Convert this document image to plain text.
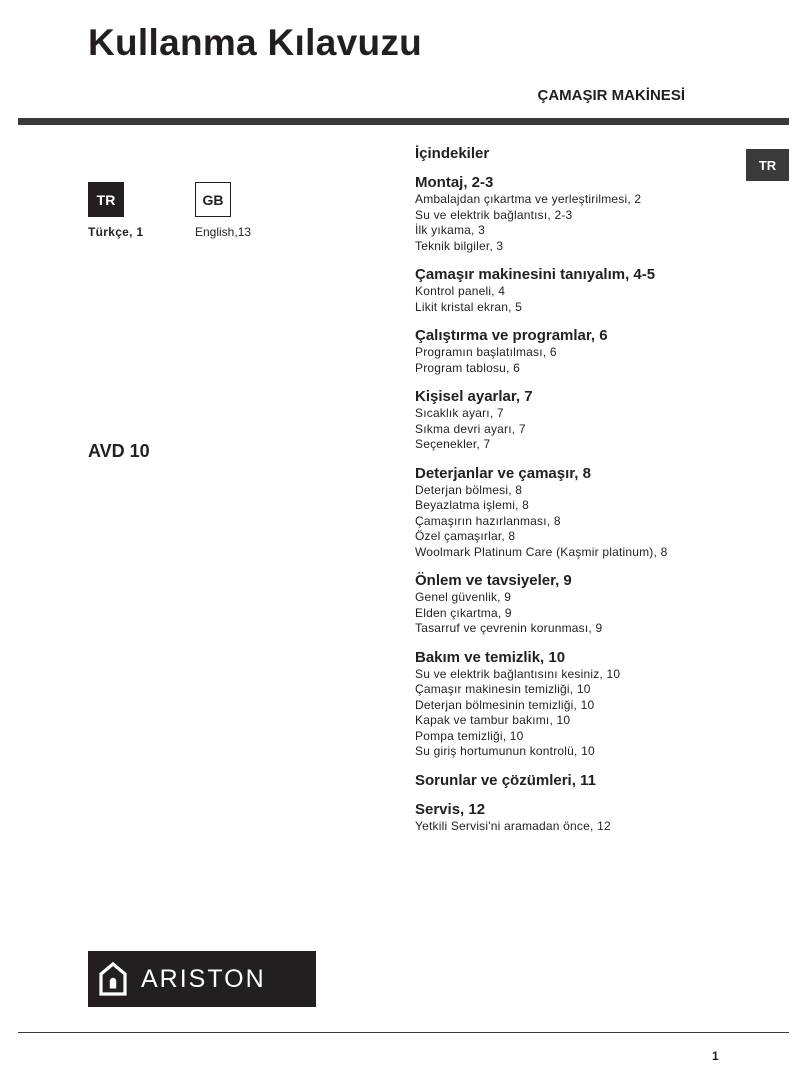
Kullanma Kılavuzu
ÇAMAŞIR MAKİNESİ
TR
TR	GB
Türkçe, 1	English,13
AVD 10
İçindekiler
Montaj, 2-3
Ambalajdan çıkartma ve yerleştirilmesi, 2
Su ve elektrik bağlantısı, 2-3
İlk yıkama, 3
Teknik bilgiler, 3
Çamaşır makinesini tanıyalım, 4-5
Kontrol paneli, 4
Likit kristal ekran, 5
Çalıştırma ve programlar, 6
Programın başlatılması, 6
Program tablosu, 6
Kişisel ayarlar, 7
Sıcaklık ayarı, 7
Sıkma devri ayarı, 7
Seçenekler, 7
Deterjanlar ve çamaşır, 8
Deterjan bölmesi, 8
Beyazlatma işlemi, 8
Çamaşırın hazırlanması, 8
Özel çamaşırlar, 8
Woolmark Platinum Care (Kaşmir platinum), 8
Önlem ve tavsiyeler, 9
Genel güvenlik, 9
Elden çıkartma, 9
Tasarruf ve çevrenin korunması, 9
Bakım ve temizlik, 10
Su ve elektrik bağlantısını kesiniz, 10
Çamaşır makinesin temizliği, 10
Deterjan bölmesinin temizliği, 10
Kapak ve tambur bakımı, 10
Pompa temizliği, 10
Su giriş hortumunun kontrolü, 10
Sorunlar ve çözümleri, 11
Servis, 12
Yetkili Servisi'ni aramadan önce, 12
ARISTON
1
